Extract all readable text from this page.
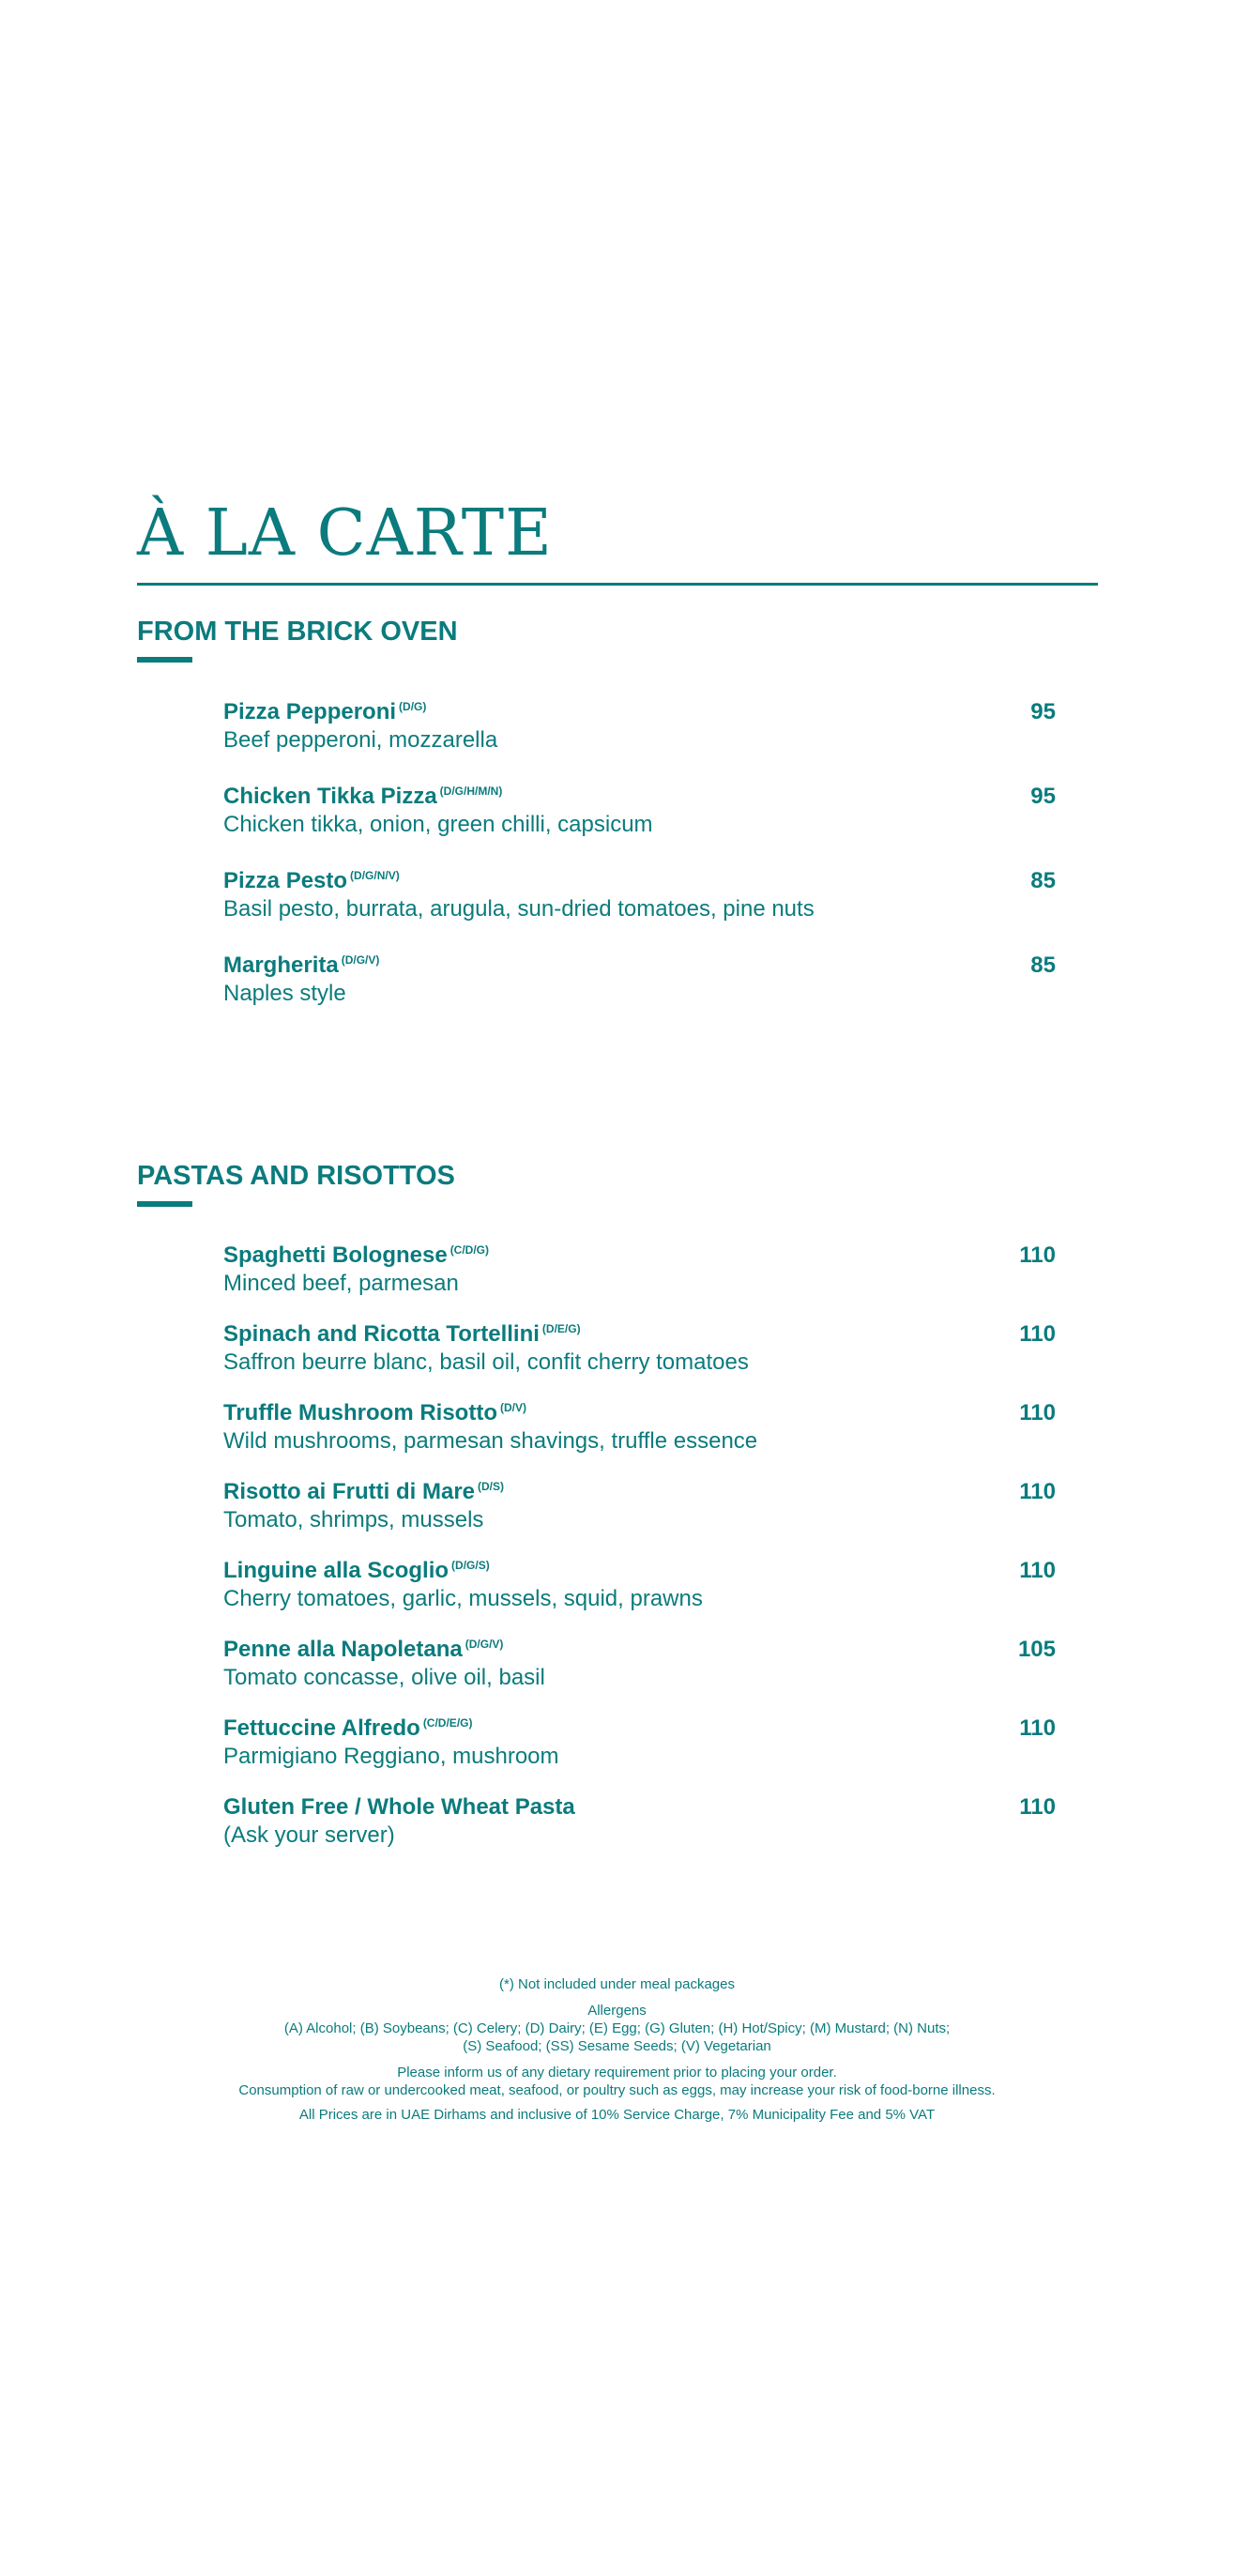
À LA CARTE
FROM THE BRICK OVEN
Pizza Pepperoni $^{(D/G)}$	95
Beef pepperoni, mozzarella
Chicken Tikka Pizza $^{(D/G/H/M/N)}$	95
Chicken tikka, onion, green chilli, capsicum
Pizza Pesto $^{(D/G/N/V)}$	85
Basil pesto, burrata, arugula, sun-dried tomatoes, pine nuts
Margherita $^{(D/G/V)}$	85
Naples style
PASTAS AND RISOTTOS
Spaghetti Bolognese $^{(C/D/G)}$	110
Minced beef, parmesan
Spinach and Ricotta Tortellini $^{(D/E/G)}$	110
Saffron beurre blanc, basil oil, confit cherry tomatoes
Truffle Mushroom Risotto $^{(D/V)}$	110
Wild mushrooms, parmesan shavings, truffle essence
Risotto ai Frutti di Mare $^{(D/S)}$	110
Tomato, shrimps, mussels
Linguine alla Scoglio $^{(D/G/S)}$	110
Cherry tomatoes, garlic, mussels, squid, prawns
Penne alla Napoletana $^{(D/G/V)}$	105
Tomato concasse, olive oil, basil
Fettuccine Alfredo $^{(C/D/E/G)}$	110
Parmigiano Reggiano, mushroom
Gluten Free / Whole Wheat Pasta	110
(Ask your server)
(*) Not included under meal packages
Allergens
(A) Alcohol; (B) Soybeans; (C) Celery; (D) Dairy; (E) Egg; (G) Gluten; (H) Hot/Spicy; (M) Mustard; (N) Nuts;
(S) Seafood; (SS) Sesame Seeds; (V) Vegetarian
Please inform us of any dietary requirement prior to placing your order.
Consumption of raw or undercooked meat, seafood, or poultry such as eggs, may increase your risk of food-borne illness.
All Prices are in UAE Dirhams and inclusive of 10% Service Charge, 7% Municipality Fee and 5% VAT
